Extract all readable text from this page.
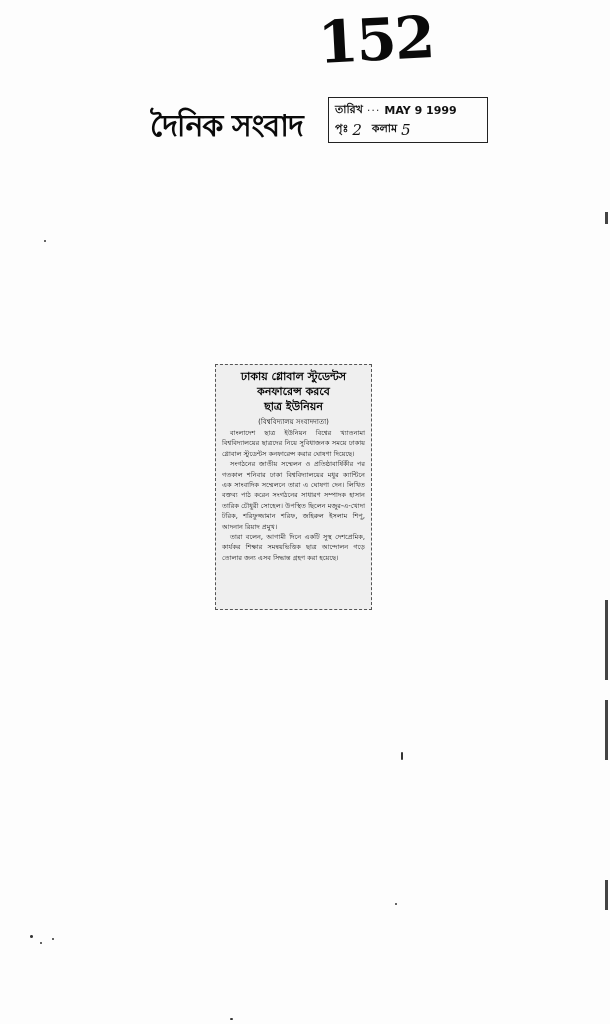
152
দৈনিক সংবাদ	তারিখ ··· MAY 9 1999
পৃঃ 2 কলাম 5
ঢাকায় গ্লোবাল স্টুডেন্টস
কনফারেন্স করবে
ছাত্র ইউনিয়ন
(বিশ্ববিদ্যালয় সংবাদদাতা)

বাংলাদেশ ছাত্র ইউনিয়ন বিশ্বের খ্যাতনামা বিশ্ববিদ্যালয়ের ছাত্রদের নিয়ে সুবিধাজনক সময়ে ঢাকায় গ্লোবাল স্টুডেন্টস কনফারেন্স করার ঘোষণা দিয়েছে।

সংগঠনের জাতীয় সম্মেলন ও প্রতিষ্ঠাবার্ষিকীর পর গতকাল শনিবার ঢাকা বিশ্ববিদ্যালয়ের মধুর ক্যান্টিনে এক সাংবাদিক সম্মেলনে তারা এ ঘোষণা দেন। লিখিত বক্তব্য পাঠ করেন সংগঠনের সাধারণ সম্পাদক হাসান তারিক চৌধুরী সোহেল। উপস্থিত ছিলেন মজুর-এ-খোদা টরিক, শরিফুজ্জামান শরিফ, জহিরুল ইসলাম শিপু, আদনান রিয়াদ প্রমুখ।

তারা বলেন, আগামী দিনে একটি সুস্থ দেশপ্রেমিক, কার্যকর শিক্ষার সমন্বয়ভিত্তিক ছাত্র আন্দোলন গড়ে তোলার জন্য এসব সিদ্ধান্ত গ্রহণ করা হয়েছে।
